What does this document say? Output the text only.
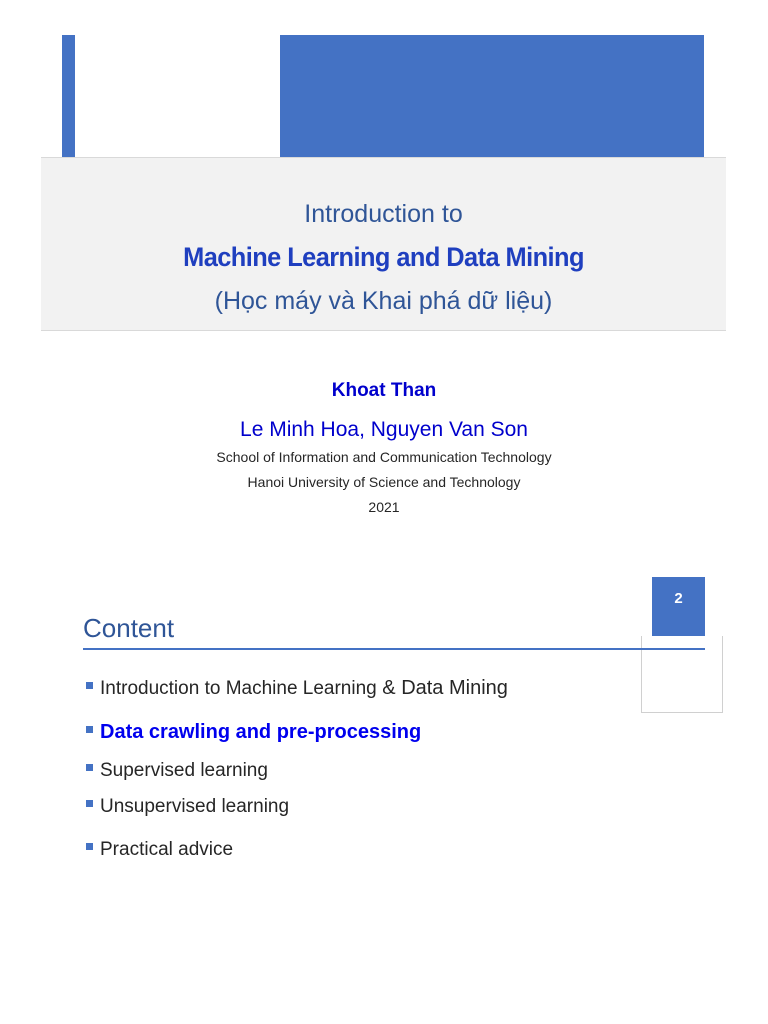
Introduction to
Machine Learning and Data Mining
(Học máy và Khai phá dữ liệu)
Khoat Than
Le Minh Hoa, Nguyen Van Son
School of Information and Communication Technology
Hanoi University of Science and Technology
2021
2
Content
Introduction to Machine Learning & Data Mining
Data crawling and pre-processing
Supervised learning
Unsupervised learning
Practical advice
